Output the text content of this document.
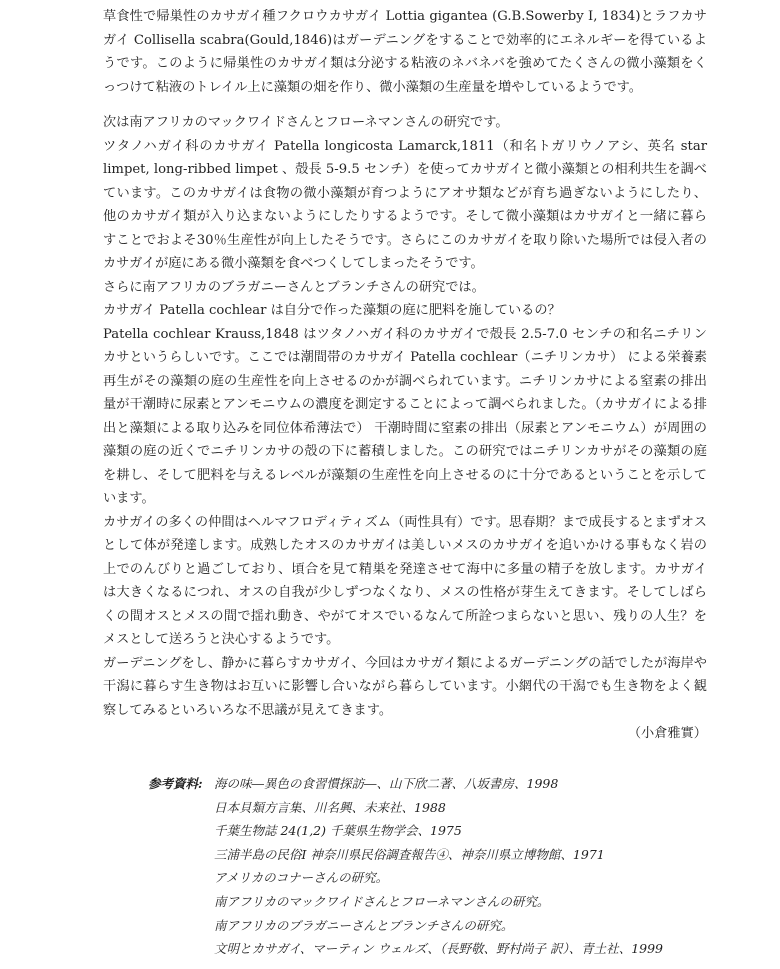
草食性で帰巣性のカサガイ種フクロウカサガイ Lottia gigantea (G.B.Sowerby I, 1834)とラフカサガイ Collisella scabra(Gould,1846)はガーデニングをすることで効率的にエネルギーを得ているようです。このように帰巣性のカサガイ類は分泌する粘液のネバネバを強めてたくさんの微小藻類をくっつけて粘液のトレイル上に藻類の畑を作り、微小藻類の生産量を増やしているようです。

次は南アフリカのマックワイドさんとフローネマンさんの研究です。

ツタノハガイ科のカサガイ Patella longicosta Lamarck,1811（和名トガリウノアシ、英名 star limpet, long-ribbed limpet 、殻長 5-9.5 センチ）を使ってカサガイと微小藻類との相利共生を調べています。このカサガイは食物の微小藻類が育つようにアオサ類などが育ち過ぎないようにしたり、他のカサガイ類が入り込まないようにしたりするようです。そして微小藻類はカサガイと一緒に暮らすことでおよそ30％生産性が向上したそうです。さらにこのカサガイを取り除いた場所では侵入者のカサガイが庭にある微小藻類を食べつくしてしまったそうです。

さらに南アフリカのブラガニーさんとブランチさんの研究では。

カサガイ Patella cochlear は自分で作った藻類の庭に肥料を施しているの？

Patella cochlear Krauss,1848 はツタノハガイ科のカサガイで殻長 2.5-7.0 センチの和名ニチリンカサというらしいです。ここでは潮間帯のカサガイ Patella cochlear（ニチリンカサ） による栄養素再生がその藻類の庭の生産性を向上させるのかが調べられています。ニチリンカサによる窒素の排出量が干潮時に尿素とアンモニウムの濃度を測定することによって調べられました。（カサガイによる排出と藻類による取り込みを同位体希薄法で） 干潮時間に窒素の排出（尿素とアンモニウム）が周囲の藻類の庭の近くでニチリンカサの殻の下に蓄積しました。この研究ではニチリンカサがその藻類の庭を耕し、そして肥料を与えるレベルが藻類の生産性を向上させるのに十分であるということを示しています。

カサガイの多くの仲間はヘルマフロディティズム（両性具有）です。思春期？まで成長するとまずオスとして体が発達します。成熟したオスのカサガイは美しいメスのカサガイを追いかける事もなく岩の上でのんびりと過ごしており、頃合を見て精巣を発達させて海中に多量の精子を放します。カサガイは大きくなるにつれ、オスの自我が少しずつなくなり、メスの性格が芽生えてきます。そしてしばらくの間オスとメスの間で揺れ動き、やがてオスでいるなんて所詮つまらないと思い、残りの人生？をメスとして送ろうと決心するようです。

ガーデニングをし、静かに暮らすカサガイ、今回はカサガイ類によるガーデニングの話でしたが海岸や干潟に暮らす生き物はお互いに影響し合いながら暮らしています。小網代の干潟でも生き物をよく観察してみるといろいろな不思議が見えてきます。

（小倉雅實）

参考資料: 海の味―異色の食習慣探訪―、山下欣二著、八坂書房、1998
日本貝類方言集、川名興、未来社、1988
千葉生物誌 24(1,2) 千葉県生物学会、1975
三浦半島の民俗Ⅰ 神奈川県民俗調査報告④、神奈川県立博物館、1971
アメリカのコナーさんの研究。
南アフリカのマックワイドさんとフローネマンさんの研究。
南アフリカのブラガニーさんとブランチさんの研究。
文明とカサガイ、マーティン ウェルズ、（長野敬、野村尚子 訳）、青土社、1999
